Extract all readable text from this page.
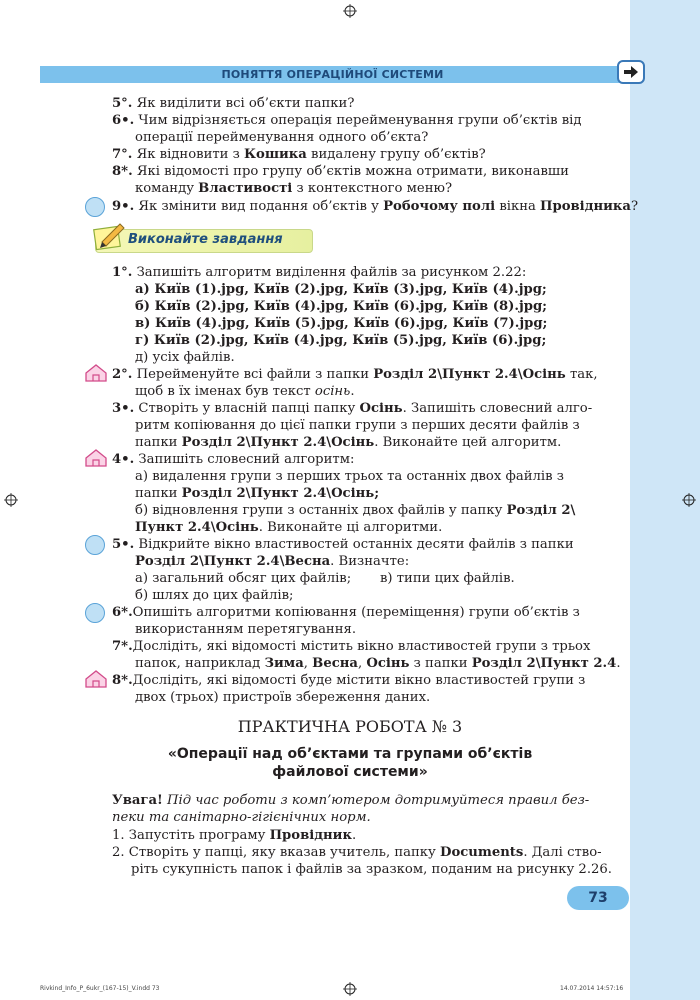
ПОНЯТТЯ ОПЕРАЦІЙНОЇ СИСТЕМИ
5°. Як виділити всі об’єкти папки?
6•. Чим відрізняється операція перейменування групи об’єктів від
операції перейменування одного об’єкта?
7°. Як відновити з Кошика видалену групу об’єктів?
8*. Які відомості про групу об’єктів можна отримати, виконавши
команду Властивості з контекстного меню?
9•. Як змінити вид подання об’єктів у Робочому полі вікна Провідника?
Виконайте завдання
1°. Запишіть алгоритм виділення файлів за рисунком 2.22:
а) Київ (1).jpg, Київ (2).jpg, Київ (3).jpg, Київ (4).jpg;
б) Київ (2).jpg, Київ (4).jpg, Київ (6).jpg, Київ (8).jpg;
в) Київ (4).jpg, Київ (5).jpg, Київ (6).jpg, Київ (7).jpg;
г) Київ (2).jpg, Київ (4).jpg, Київ (5).jpg, Київ (6).jpg;
д) усіх файлів.
2°. Перейменуйте всі файли з папки Розділ 2\Пункт 2.4\Осінь так,
щоб в їх іменах був текст осінь.
3•. Створіть у власній папці папку Осінь. Запишіть словесний алго-
ритм копіювання до цієї папки групи з перших десяти файлів з
папки Розділ 2\Пункт 2.4\Осінь. Виконайте цей алгоритм.
4•. Запишіть словесний алгоритм:
а) видалення групи з перших трьох та останніх двох файлів з
папки Розділ 2\Пункт 2.4\Осінь;
б) відновлення групи з останніх двох файлів у папку Розділ 2\
Пункт 2.4\Осінь. Виконайте ці алгоритми.
5•. Відкрийте вікно властивостей останніх десяти файлів з папки
Розділ 2\Пункт 2.4\Весна. Визначте:
а) загальний обсяг цих файлів; в) типи цих файлів.
б) шлях до цих файлів;
6*.Опишіть алгоритми копіювання (переміщення) групи об’єктів з
використанням перетягування.
7*.Дослідіть, які відомості містить вікно властивостей групи з трьох
папок, наприклад Зима, Весна, Осінь з папки Розділ 2\Пункт 2.4.
8*.Дослідіть, які відомості буде містити вікно властивостей групи з
двох (трьох) пристроїв збереження даних.
ПРАКТИЧНА РОБОТА № 3
«Операції над об’єктами та групами об’єктів
файлової системи»
Увага! Під час роботи з комп’ютером дотримуйтеся правил без-
пеки та санітарно-гігієнічних норм.
1. Запустіть програму Провідник.
2. Створіть у папці, яку вказав учитель, папку Documents. Далі ство-
ріть сукупність папок і файлів за зразком, поданим на рисунку 2.26.
73
Rivkind_Info_P_6ukr_(167-15)_V.indd 73	14.07.2014 14:57:16
